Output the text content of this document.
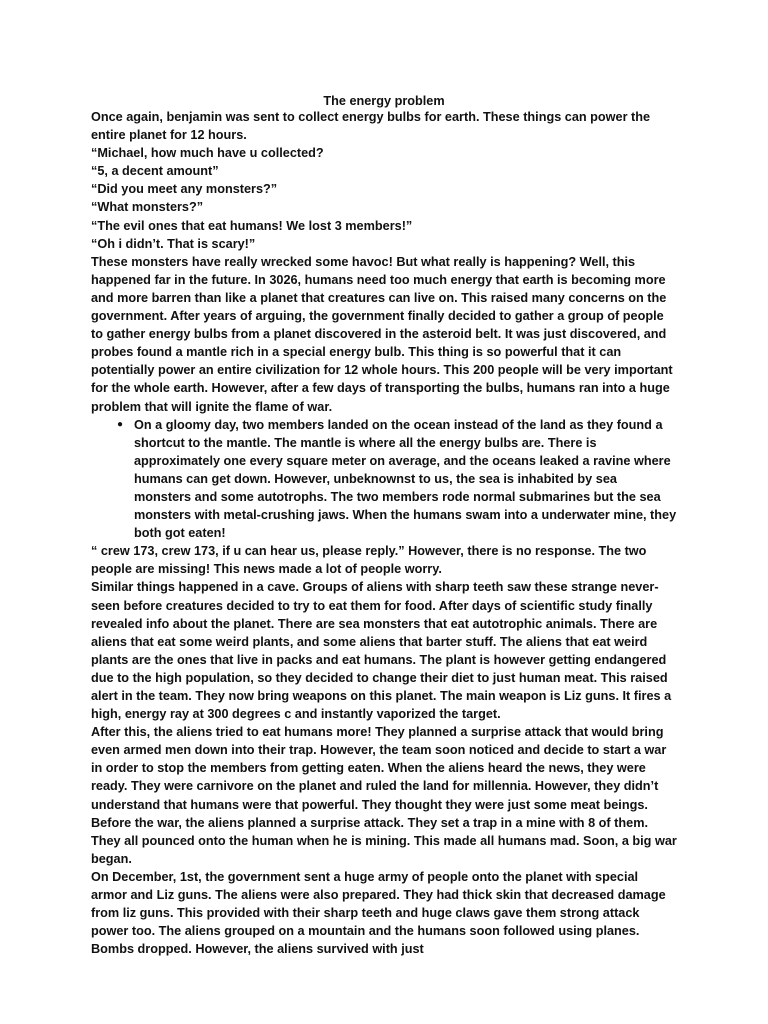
The energy problem

Once again, benjamin was sent to collect energy bulbs for earth. These things can power the entire planet for 12 hours.

“Michael, how much have u collected?

“5, a decent amount”

“Did you meet any monsters?”

“What monsters?”

“The evil ones that eat humans! We lost 3 members!”

“Oh i didn’t. That is scary!”

These monsters have really wrecked some havoc! But what really is happening? Well, this happened far in the future. In 3026, humans need too much energy that earth is becoming more and more barren than like a planet that creatures can live on. This raised many concerns on the government. After years of arguing, the government finally decided to gather a group of people to gather energy bulbs from a planet discovered in the asteroid belt. It was just discovered, and probes found a mantle rich in a special energy bulb. This thing is so powerful that it can potentially power an entire civilization for 12 whole hours. This 200 people will be very important for the whole earth. However, after a few days of transporting the bulbs, humans ran into a huge problem that will ignite the flame of war.

● On a gloomy day, two members landed on the ocean instead of the land as they found a shortcut to the mantle. The mantle is where all the energy bulbs are. There is approximately one every square meter on average, and the oceans leaked a ravine where humans can get down. However, unbeknownst to us, the sea is inhabited by sea monsters and some autotrophs. The two members rode normal submarines but the sea monsters with metal-crushing jaws. When the humans swam into a underwater mine, they both got eaten!

“ crew 173, crew 173, if u can hear us, please reply.” However, there is no response. The two people are missing! This news made a lot of people worry.

Similar things happened in a cave. Groups of aliens with sharp teeth saw these strange never-seen before creatures decided to try to eat them for food. After days of scientific study finally revealed info about the planet. There are sea monsters that eat autotrophic animals. There are aliens that eat some weird plants, and some aliens that barter stuff. The aliens that eat weird plants are the ones that live in packs and eat humans. The plant is however getting endangered due to the high population, so they decided to change their diet to just human meat. This raised alert in the team. They now bring weapons on this planet. The main weapon is Liz guns. It fires a high, energy ray at 300 degrees c and instantly vaporized the target.

After this, the aliens tried to eat humans more! They planned a surprise attack that would bring even armed men down into their trap. However, the team soon noticed and decide to start a war in order to stop the members from getting eaten. When the aliens heard the news, they were ready. They were carnivore on the planet and ruled the land for millennia. However, they didn’t understand that humans were that powerful. They thought they were just some meat beings.

Before the war, the aliens planned a surprise attack. They set a trap in a mine with 8 of them. They all pounced onto the human when he is mining. This made all humans mad. Soon, a big war began.

On December, 1st, the government sent a huge army of people onto the planet with special armor and Liz guns. The aliens were also prepared. They had thick skin that decreased damage from liz guns. This provided with their sharp teeth and huge claws gave them strong attack power too. The aliens grouped on a mountain and the humans soon followed using planes. Bombs dropped. However, the aliens survived with just
